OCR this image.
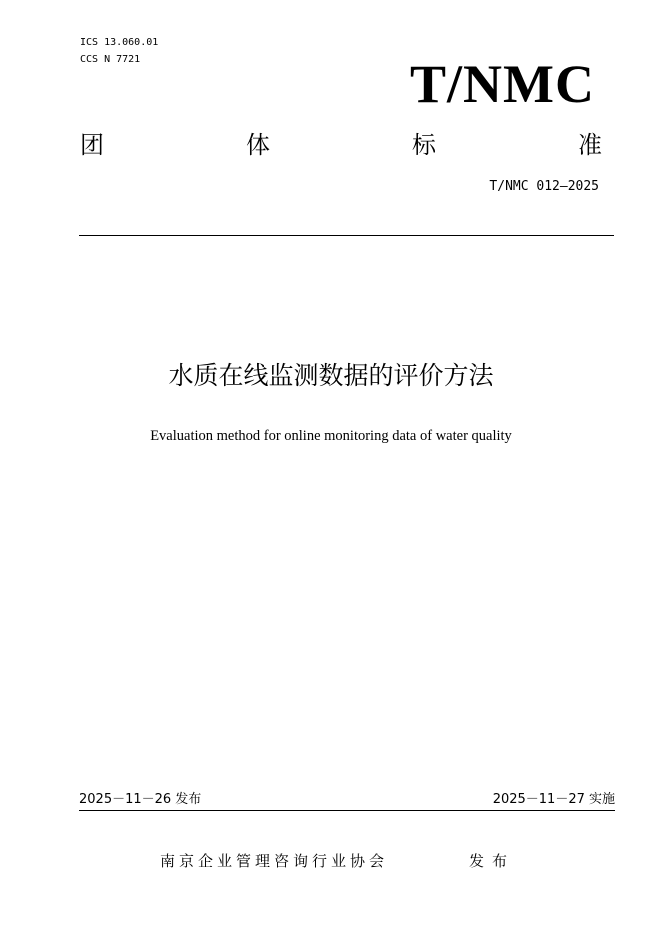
ICS 13.060.01
CCS N 7721	T/NMC
团	体	标	准
T/NMC 012—2025
水质在线监测数据的评价方法
Evaluation method for online monitoring data of water quality
2025－11－26 发布	2025－11－27 实施
南京企业管理咨询行业协会	发布
